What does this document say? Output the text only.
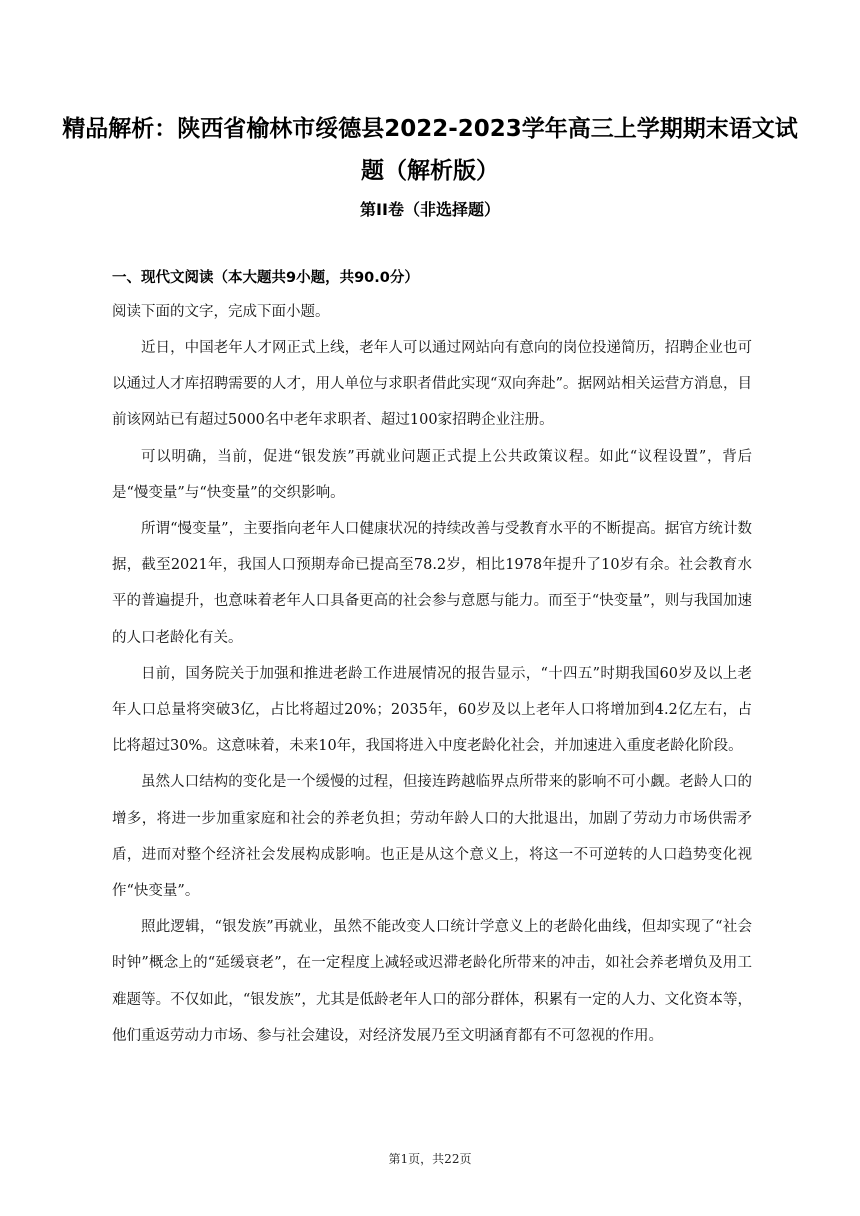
精品解析：陕西省榆林市绥德县2022-2023学年高三上学期期末语文试题（解析版）
第II卷（非选择题）
一、现代文阅读（本大题共9小题，共90.0分）
阅读下面的文字，完成下面小题。

近日，中国老年人才网正式上线，老年人可以通过网站向有意向的岗位投递简历，招聘企业也可以通过人才库招聘需要的人才，用人单位与求职者借此实现“双向奔赴”。据网站相关运营方消息，目前该网站已有超过5000名中老年求职者、超过100家招聘企业注册。

可以明确，当前，促进“银发族”再就业问题正式提上公共政策议程。如此“议程设置”，背后是“慢变量”与“快变量”的交织影响。

所谓“慢变量”，主要指向老年人口健康状况的持续改善与受教育水平的不断提高。据官方统计数据，截至2021年，我国人口预期寿命已提高至78.2岁，相比1978年提升了10岁有余。社会教育水平的普遍提升，也意味着老年人口具备更高的社会参与意愿与能力。而至于“快变量”，则与我国加速的人口老龄化有关。

日前，国务院关于加强和推进老龄工作进展情况的报告显示，“十四五”时期我国60岁及以上老年人口总量将突破3亿，占比将超过20%；2035年，60岁及以上老年人口将增加到4.2亿左右，占比将超过30%。这意味着，未来10年，我国将进入中度老龄化社会，并加速进入重度老龄化阶段。

虽然人口结构的变化是一个缓慢的过程，但接连跨越临界点所带来的影响不可小觑。老龄人口的增多，将进一步加重家庭和社会的养老负担；劳动年龄人口的大批退出，加剧了劳动力市场供需矛盾，进而对整个经济社会发展构成影响。也正是从这个意义上，将这一不可逆转的人口趋势变化视作“快变量”。

照此逻辑，“银发族”再就业，虽然不能改变人口统计学意义上的老龄化曲线，但却实现了“社会时钟”概念上的“延缓衰老”，在一定程度上减轻或迟滞老龄化所带来的冲击，如社会养老增负及用工难题等。不仅如此，“银发族”，尤其是低龄老年人口的部分群体，积累有一定的人力、文化资本等，他们重返劳动力市场、参与社会建设，对经济发展乃至文明涵育都有不可忽视的作用。

第1页，共22页
